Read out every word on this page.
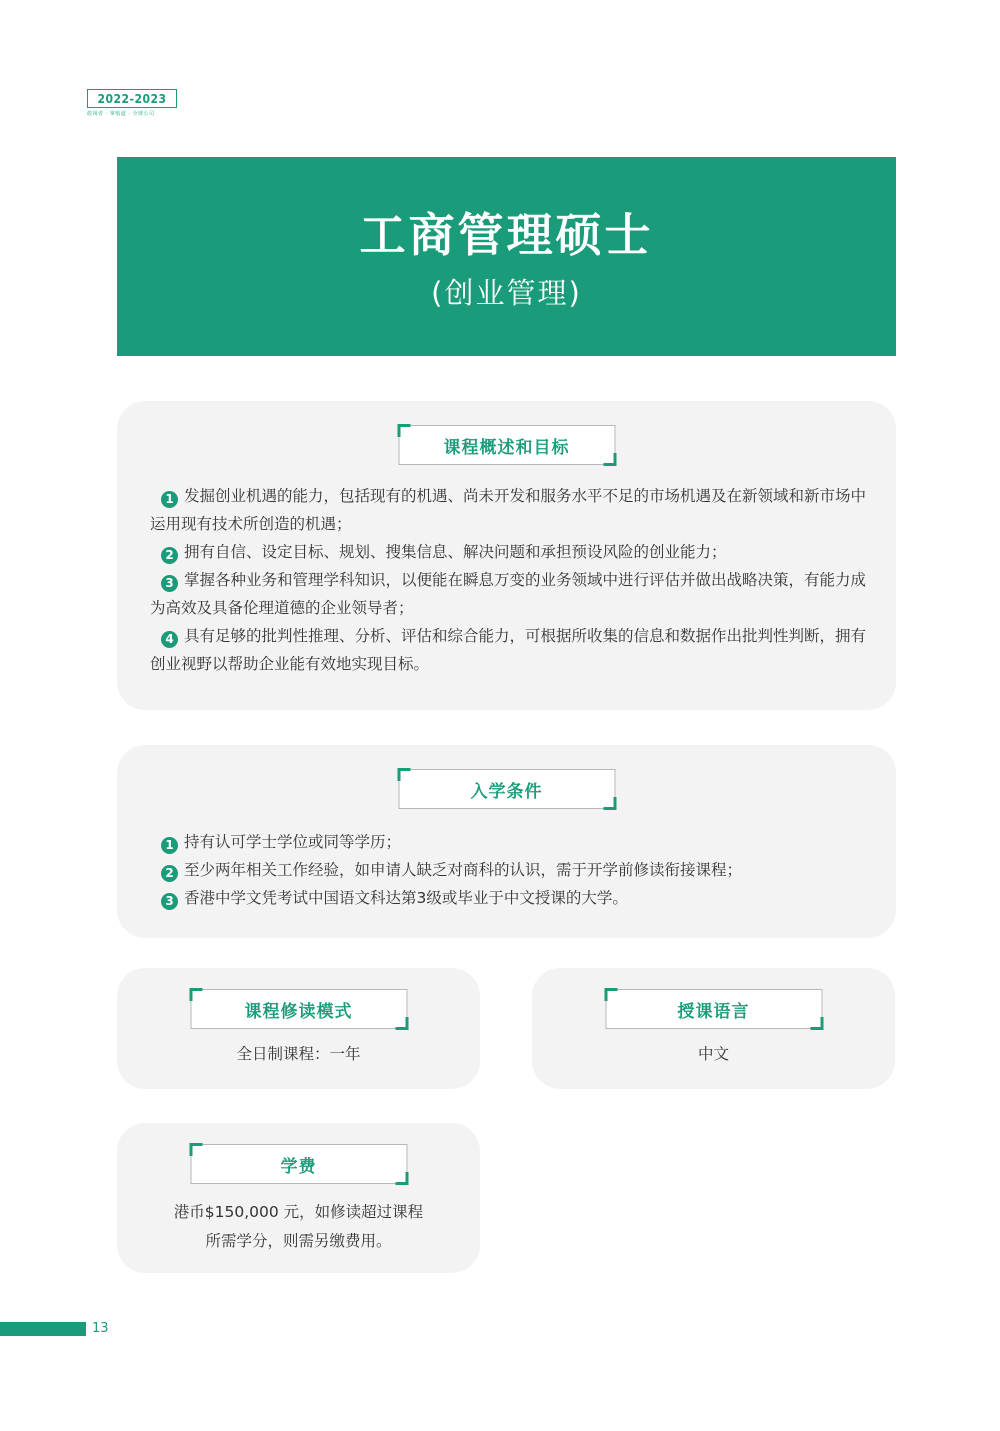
2022-2023
敢闯者 · 掌航道 · 全球公司
工商管理硕士
(创业管理)
课程概述和目标

1 发掘创业机遇的能力，包括现有的机遇、尚未开发和服务水平不足的市场机遇及在新领域和新市场中运用现有技术所创造的机遇；

2 拥有自信、设定目标、规划、搜集信息、解决问题和承担预设风险的创业能力；

3 掌握各种业务和管理学科知识，以便能在瞬息万变的业务领域中进行评估并做出战略决策，有能力成为高效及具备伦理道德的企业领导者；

4 具有足够的批判性推理、分析、评估和综合能力，可根据所收集的信息和数据作出批判性判断，拥有创业视野以帮助企业能有效地实现目标。

入学条件

1 持有认可学士学位或同等学历；

2 至少两年相关工作经验，如申请人缺乏对商科的认识，需于开学前修读衔接课程；

3 香港中学文凭考试中国语文科达第3级或毕业于中文授课的大学。

课程修读模式
全日制课程：一年
授课语言
中文
学费
港币$150,000 元，如修读超过课程
所需学分，则需另缴费用。
13
